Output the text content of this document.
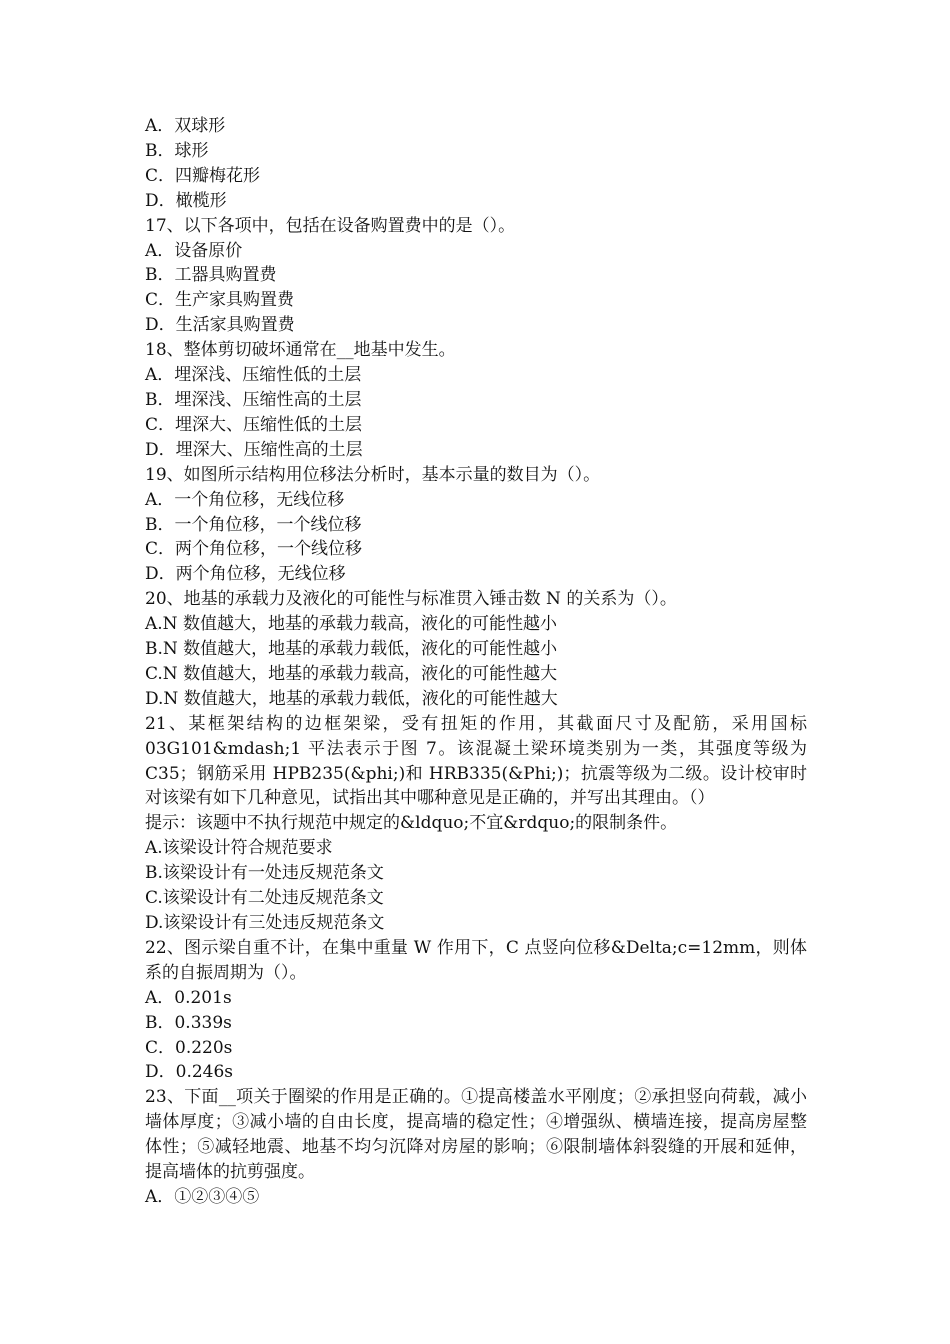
A．双球形
B．球形
C．四瓣梅花形
D．橄榄形
17、以下各项中，包括在设备购置费中的是（）。
A．设备原价
B．工器具购置费
C．生产家具购置费
D．生活家具购置费
18、整体剪切破坏通常在__地基中发生。
A．埋深浅、压缩性低的土层
B．埋深浅、压缩性高的土层
C．埋深大、压缩性低的土层
D．埋深大、压缩性高的土层
19、如图所示结构用位移法分析时，基本示量的数目为（）。
A．一个角位移，无线位移
B．一个角位移，一个线位移
C．两个角位移，一个线位移
D．两个角位移，无线位移
20、地基的承载力及液化的可能性与标准贯入锤击数 N 的关系为（）。
A.N 数值越大，地基的承载力载高，液化的可能性越小
B.N 数值越大，地基的承载力载低，液化的可能性越小
C.N 数值越大，地基的承载力载高，液化的可能性越大
D.N 数值越大，地基的承载力载低，液化的可能性越大
21、某框架结构的边框架梁，受有扭矩的作用，其截面尺寸及配筋，采用国标 03G101&mdash;1 平法表示于图 7。该混凝土梁环境类别为一类，其强度等级为 C35；钢筋采用 HPB235(&phi;)和 HRB335(&Phi;)；抗震等级为二级。设计校审时对该梁有如下几种意见，试指出其中哪种意见是正确的，并写出其理由。（）
提示：该题中不执行规范中规定的&ldquo;不宜&rdquo;的限制条件。
A.该梁设计符合规范要求
B.该梁设计有一处违反规范条文
C.该梁设计有二处违反规范条文
D.该梁设计有三处违反规范条文
22、图示梁自重不计，在集中重量 W 作用下，C 点竖向位移&Delta;c=12mm，则体系的自振周期为（）。
A．0.201s
B．0.339s
C．0.220s
D．0.246s
23、下面__项关于圈梁的作用是正确的。①提高楼盖水平刚度；②承担竖向荷载，减小墙体厚度；③减小墙的自由长度，提高墙的稳定性；④增强纵、横墙连接，提高房屋整体性；⑤减轻地震、地基不均匀沉降对房屋的影响；⑥限制墙体斜裂缝的开展和延伸，提高墙体的抗剪强度。
A．①②③④⑤
